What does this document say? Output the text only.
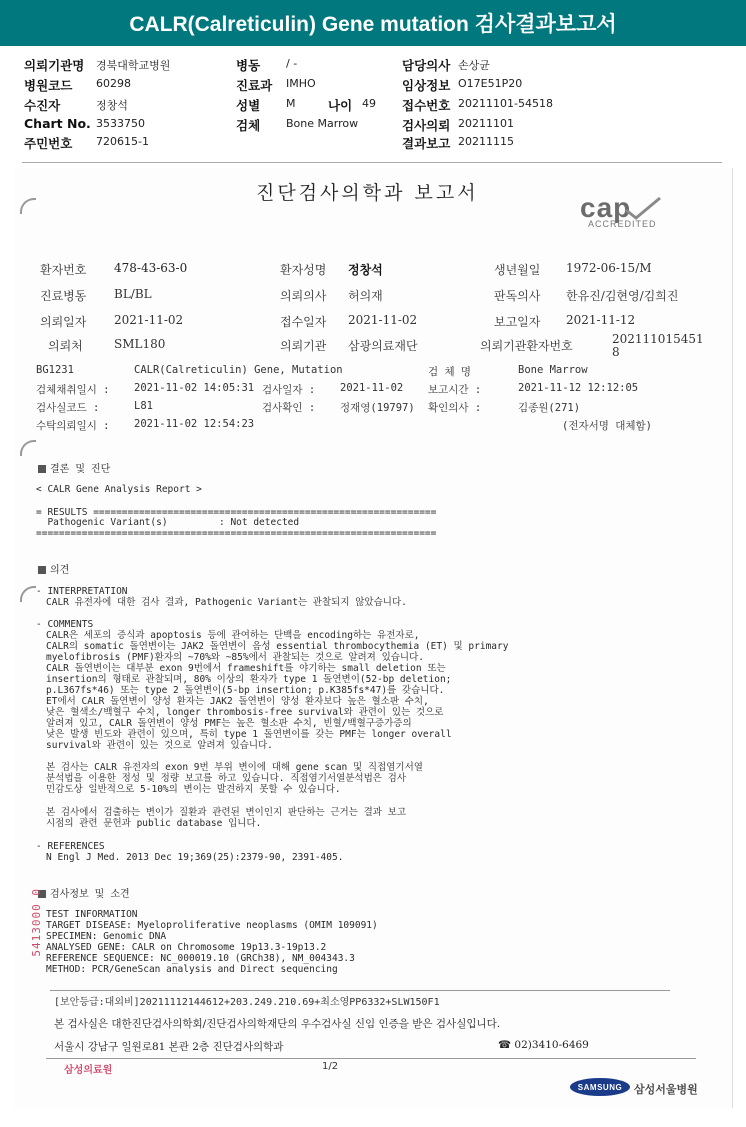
CALR(Calreticulin) Gene mutation 검사결과보고서
의뢰기관명 경북대학교병원
병원코드 60298
수진자	정창석
Chart No. 3533750
주민번호 720615-1
병동 / -
진료과 IMHO
성별 M	나이 49
검체 Bone Marrow
담당의사 손상균
임상정보 O17E51P20
접수번호 20211101-54518
검사의뢰 20211101
결과보고 20211115
진단검사의학과 보고서	cap
ACCREDITED
환자번호 478-43-63-0	환자성명 정창석	생년월일 1972-06-15/M
진료병동 BL/BL	의뢰의사 허의재	판독의사 한유진/김현영/김희진
의뢰일자 2021-11-02	접수일자 2021-11-02	보고일자 2021-11-12
의뢰처	SML180	의뢰기관 삼광의료재단	의뢰기관환자번호	202111015451
8
BG1231	CALR(Calreticulin) Gene, Mutation	검 체 명	Bone Marrow
검체채취일시 : 2021-11-02 14:05:31 검사일자 : 2021-11-02 보고시간 :	2021-11-12 12:12:05
검사실코드 :	L81	검사확인 : 정재영(19797) 확인의사 :	김종원(271)
수탁의뢰일시 : 2021-11-02 12:54:23	(전자서명 대체함)
결론 및 진단
< CALR Gene Analysis Report >
= RESULTS ============================================================
Pathogenic Variant(s)         : Not detected
======================================================================
의견
- INTERPRETATION
CALR 유전자에 대한 검사 결과, Pathogenic Variant는 관찰되지 않았습니다.
- COMMENTS
CALR은 세포의 증식과 apoptosis 등에 관여하는 단백을 encoding하는 유전자로,
CALR의 somatic 돌연변이는 JAK2 돌연변이 음성 essential thrombocythemia (ET) 및 primary
myelofibrosis (PMF)환자의 ~70%와 ~85%에서 관찰되는 것으로 알려져 있습니다.
CALR 돌연변이는 대부분 exon 9번에서 frameshift를 야기하는 small deletion 또는
insertion의 형태로 관찰되며, 80% 이상의 환자가 type 1 돌연변이(52-bp deletion;
p.L367fs*46) 또는 type 2 돌연변이(5-bp insertion; p.K385fs*47)를 갖습니다.
ET에서 CALR 돌연변이 양성 환자는 JAK2 돌연변이 양성 환자보다 높은 혈소판 수치,
낮은 혈색소/백혈구 수치, longer thrombosis-free survival와 관련이 있는 것으로
알려져 있고, CALR 돌연변이 양성 PMF는 높은 혈소판 수치, 빈혈/백혈구증가증의
낮은 발생 빈도와 관련이 있으며, 특히 type 1 돌연변이를 갖는 PMF는 longer overall
survival와 관련이 있는 것으로 알려져 있습니다.
본 검사는 CALR 유전자의 exon 9번 부위 변이에 대해 gene scan 및 직접염기서열
분석법을 이용한 정성 및 정량 보고를 하고 있습니다. 직접염기서열분석법은 검사
민감도상 일반적으로 5-10%의 변이는 발견하지 못할 수 있습니다.
본 검사에서 검출하는 변이가 질환과 관련된 변이인지 판단하는 근거는 결과 보고
시점의 관련 문헌과 public database 입니다.
- REFERENCES
N Engl J Med. 2013 Dec 19;369(25):2379-90, 2391-405.
검사정보 및 소견
TEST INFORMATION
TARGET DISEASE: Myeloproliferative neoplasms (OMIM 109091)
SPECIMEN: Genomic DNA
ANALYSED GENE: CALR on Chromosome 19p13.3-19p13.2
REFERENCE SEQUENCE: NC_000019.10 (GRCh38), NM_004343.3
METHOD: PCR/GeneScan analysis and Direct sequencing
5413000 0
[보안등급:대외비]20211112144612+203.249.210.69+최소영PP6332+SLW150F1
본 검사실은 대한진단검사의학회/진단검사의학재단의 우수검사실 신임 인증을 받은 검사실입니다.
서울시 강남구 일원로81 본관 2층 진단검사의학과	☎ 02)3410-6469
삼성의료원	1/2
SAMSUNG 삼성서울병원
